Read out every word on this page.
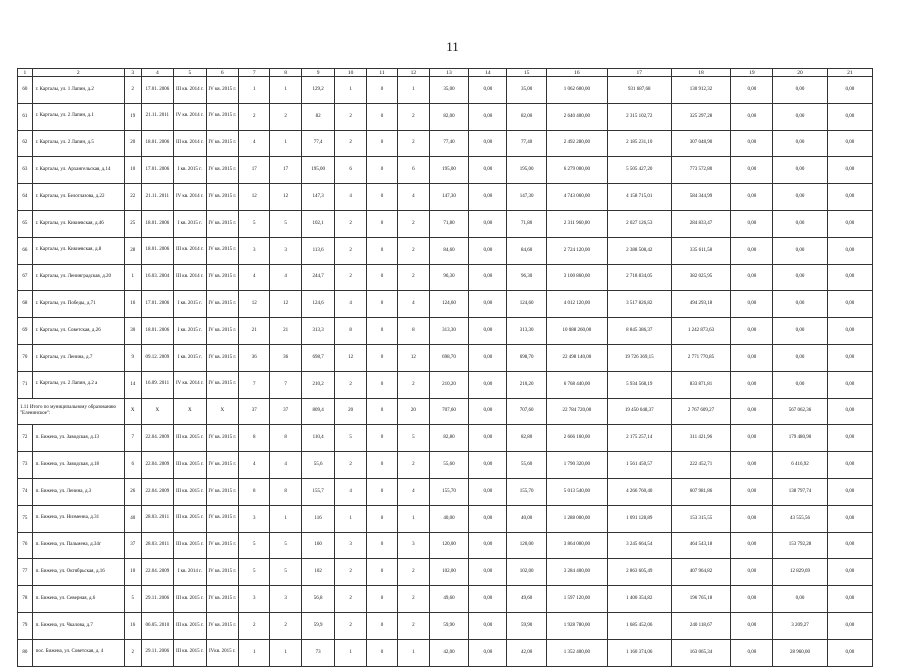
11
1	2	3	4	5	6	7	8	9	10	11	12	13	14	15	16	17	18	19	20	21
60	г. Карталы, ул. 1 Лапин, д.2	2	17.01. 2006	III кв. 2014 г.	IV кв. 2015 г.	1	1	129,2	1	0	1	35,00	0,00	35,00	1 062 600,00	931 687,68	130 912,32	0,00	0,00	0,00
61	г. Карталы, ул. 2 Лапин, д.1	19	21.11. 2011	IV кв. 2014 г.	IV кв. 2015 г.	2	2	82	2	0	2	82,00	0,00	82,00	2 640 400,00	2 315 102,72	325 297,28	0,00	0,00	0,00
62	г. Карталы, ул. 2 Лапин, д.5	20	18.01. 2006	III кв. 2014 г.	IV кв. 2015 г.	4	1	77,4	2	0	2	77,40	0,00	77,40	2 492 280,00	2 185 231,10	307 048,90	0,00	0,00	0,00
63	г. Карталы, ул. Архангельская, д.14	10	17.01. 2006	I кв. 2015 г.	IV кв. 2015 г.	17	17	195,00	6	0	6	195,00	0,00	195,00	6 279 000,00	5 505 427,20	773 572,80	0,00	0,00	0,00
64	г. Карталы, ул. Белоглазова, д.22	22	21.11. 2011	IV кв. 2014 г.	IV кв. 2015 г.	12	12	147,3	4	0	4	147,30	0,00	147,30	4 743 060,00	4 158 715,01	584 344,99	0,00	0,00	0,00
65	г. Карталы, ул. Кикиевская, д.46	25	18.01. 2006	I кв. 2015 г.	IV кв. 2015 г.	5	5	102,1	2	0	2	71,80	0,00	71,80	2 311 960,00	2 027 126,53	284 833,47	0,00	0,00	0,00
66	г. Карталы, ул. Кикиевская, д.8	28	18.01. 2006	III кв. 2014 г.	IV кв. 2015 г.	3	3	113,6	2	0	2	84,60	0,00	84,60	2 724 120,00	2 388 508,42	335 611,58	0,00	0,00	0,00
67	г. Карталы, ул. Ленинградская, д.20	1	16.03. 2004	III кв. 2014 г.	IV кв. 2015 г.	4	4	244,7	2	0	2	96,30	0,00	96,30	3 100 860,00	2 718 834,05	382 025,95	0,00	0,00	0,00
68	г. Карталы, ул. Победы, д.71	16	17.01. 2006	I кв. 2015 г.	IV кв. 2015 г.	12	12	124,6	4	0	4	124,60	0,00	124,60	4 012 120,00	3 517 826,82	494 293,18	0,00	0,00	0,00
69	г. Карталы, ул. Советская, д.26	30	18.01. 2006	I кв. 2015 г.	IV кв. 2015 г.	21	21	313,3	8	0	8	313,30	0,00	313,30	10 088 260,00	8 845 386,37	1 242 873,63	0,00	0,00	0,00
70	г. Карталы, ул. Ленина, д.7	9	09.12. 2009	I кв. 2015 г.	IV кв. 2015 г.	36	36	698,7	12	0	12	698,70	0,00	698,70	22 498 140,00	19 726 369,15	2 771 770,85	0,00	0,00	0,00
71	г. Карталы, ул. 2 Лапин, д.2 а	14	16.09. 2011	IV кв. 2014 г.	IV кв. 2015 г.	7	7	210,2	2	0	2	210,20	0,00	210,20	6 768 440,00	5 934 568,19	833 871,81	0,00	0,00	0,00
1.11 Итого по муниципальному образованию "Еленинское":		X	X	X	X	37	37	809,4	20	0	20	707,60	0,00	707,60	22 784 720,00	19 450 048,37	2 767 609,27	0,00	567 062,36	0,00
72	п. Бижена, ул. Заводская, д.13	7	22.04. 2009	III кв. 2015 г.	IV кв. 2015 г.	8	8	110,4	5	0	5	82,80	0,00	82,80	2 666 160,00	2 175 257,14	311 421,96	0,00	179 480,90	0,00
73	п. Бижена, ул. Заводская, д.18	6	22.04. 2009	III кв. 2015 г.	IV кв. 2015 г.	4	4	55,6	2	0	2	55,60	0,00	55,60	1 790 320,00	1 561 450,57	222 452,71	0,00	6 416,92	0,00
74	п. Бижена, ул. Ленина, д.3	26	22.04. 2009	III кв. 2015 г.	IV кв. 2015 г.	8	8	155,7	4	0	4	155,70	0,00	155,70	5 013 540,00	4 266 760,40	607 981,86	0,00	138 797,74	0,00
75	п. Бижена, ул. Низменна, д.31	40	28.03. 2011	III кв. 2015 г.	IV кв. 2015 г.	3	1	116	1	0	1	40,00	0,00	40,00	1 288 000,00	1 091 128,89	153 315,55	0,00	43 555,56	0,00
76	п. Бижена, ул. Пальмена, д.34г	37	28.03. 2011	III кв. 2015 г.	IV кв. 2015 г.	5	5	160	3	0	3	120,00	0,00	120,00	3 864 000,00	3 245 664,54	464 543,18	0,00	153 792,28	0,00
77	п. Бижена, ул. Октябрьская, д.16	10	22.04. 2009	I кв. 2014 г.	IV кв. 2015 г.	5	5	102	2	0	2	102,00	0,00	102,00	3 284 400,00	2 863 605,49	407 964,82	0,00	12 829,69	0,00
78	п. Бижена, ул. Северная, д.6	5	29.11. 2006	III кв. 2015 г.	IV кв. 2015 г.	3	3	56,8	2	0	2	49,60	0,00	49,60	1 597 120,00	1 400 354,82	196 765,18	0,00	0,00	0,00
79	п. Бижена, ул. Чкалова, д.7	16	06.05. 2010	III кв. 2015 г.	IV кв. 2015 г.	2	2	59,9	2	0	2	59,90	0,00	59,90	1 928 780,00	1 685 452,06	240 118,67	0,00	3 209,27	0,00
80	пос. Бижена, ул. Советская, д. 4	2	29.11. 2006	III кв. 2015 г.	IVкв. 2015 г.	1	1	73	1	0	1	42,00	0,00	42,00	1 352 400,00	1 160 374,06	163 065,34	0,00	28 960,00	0,00
